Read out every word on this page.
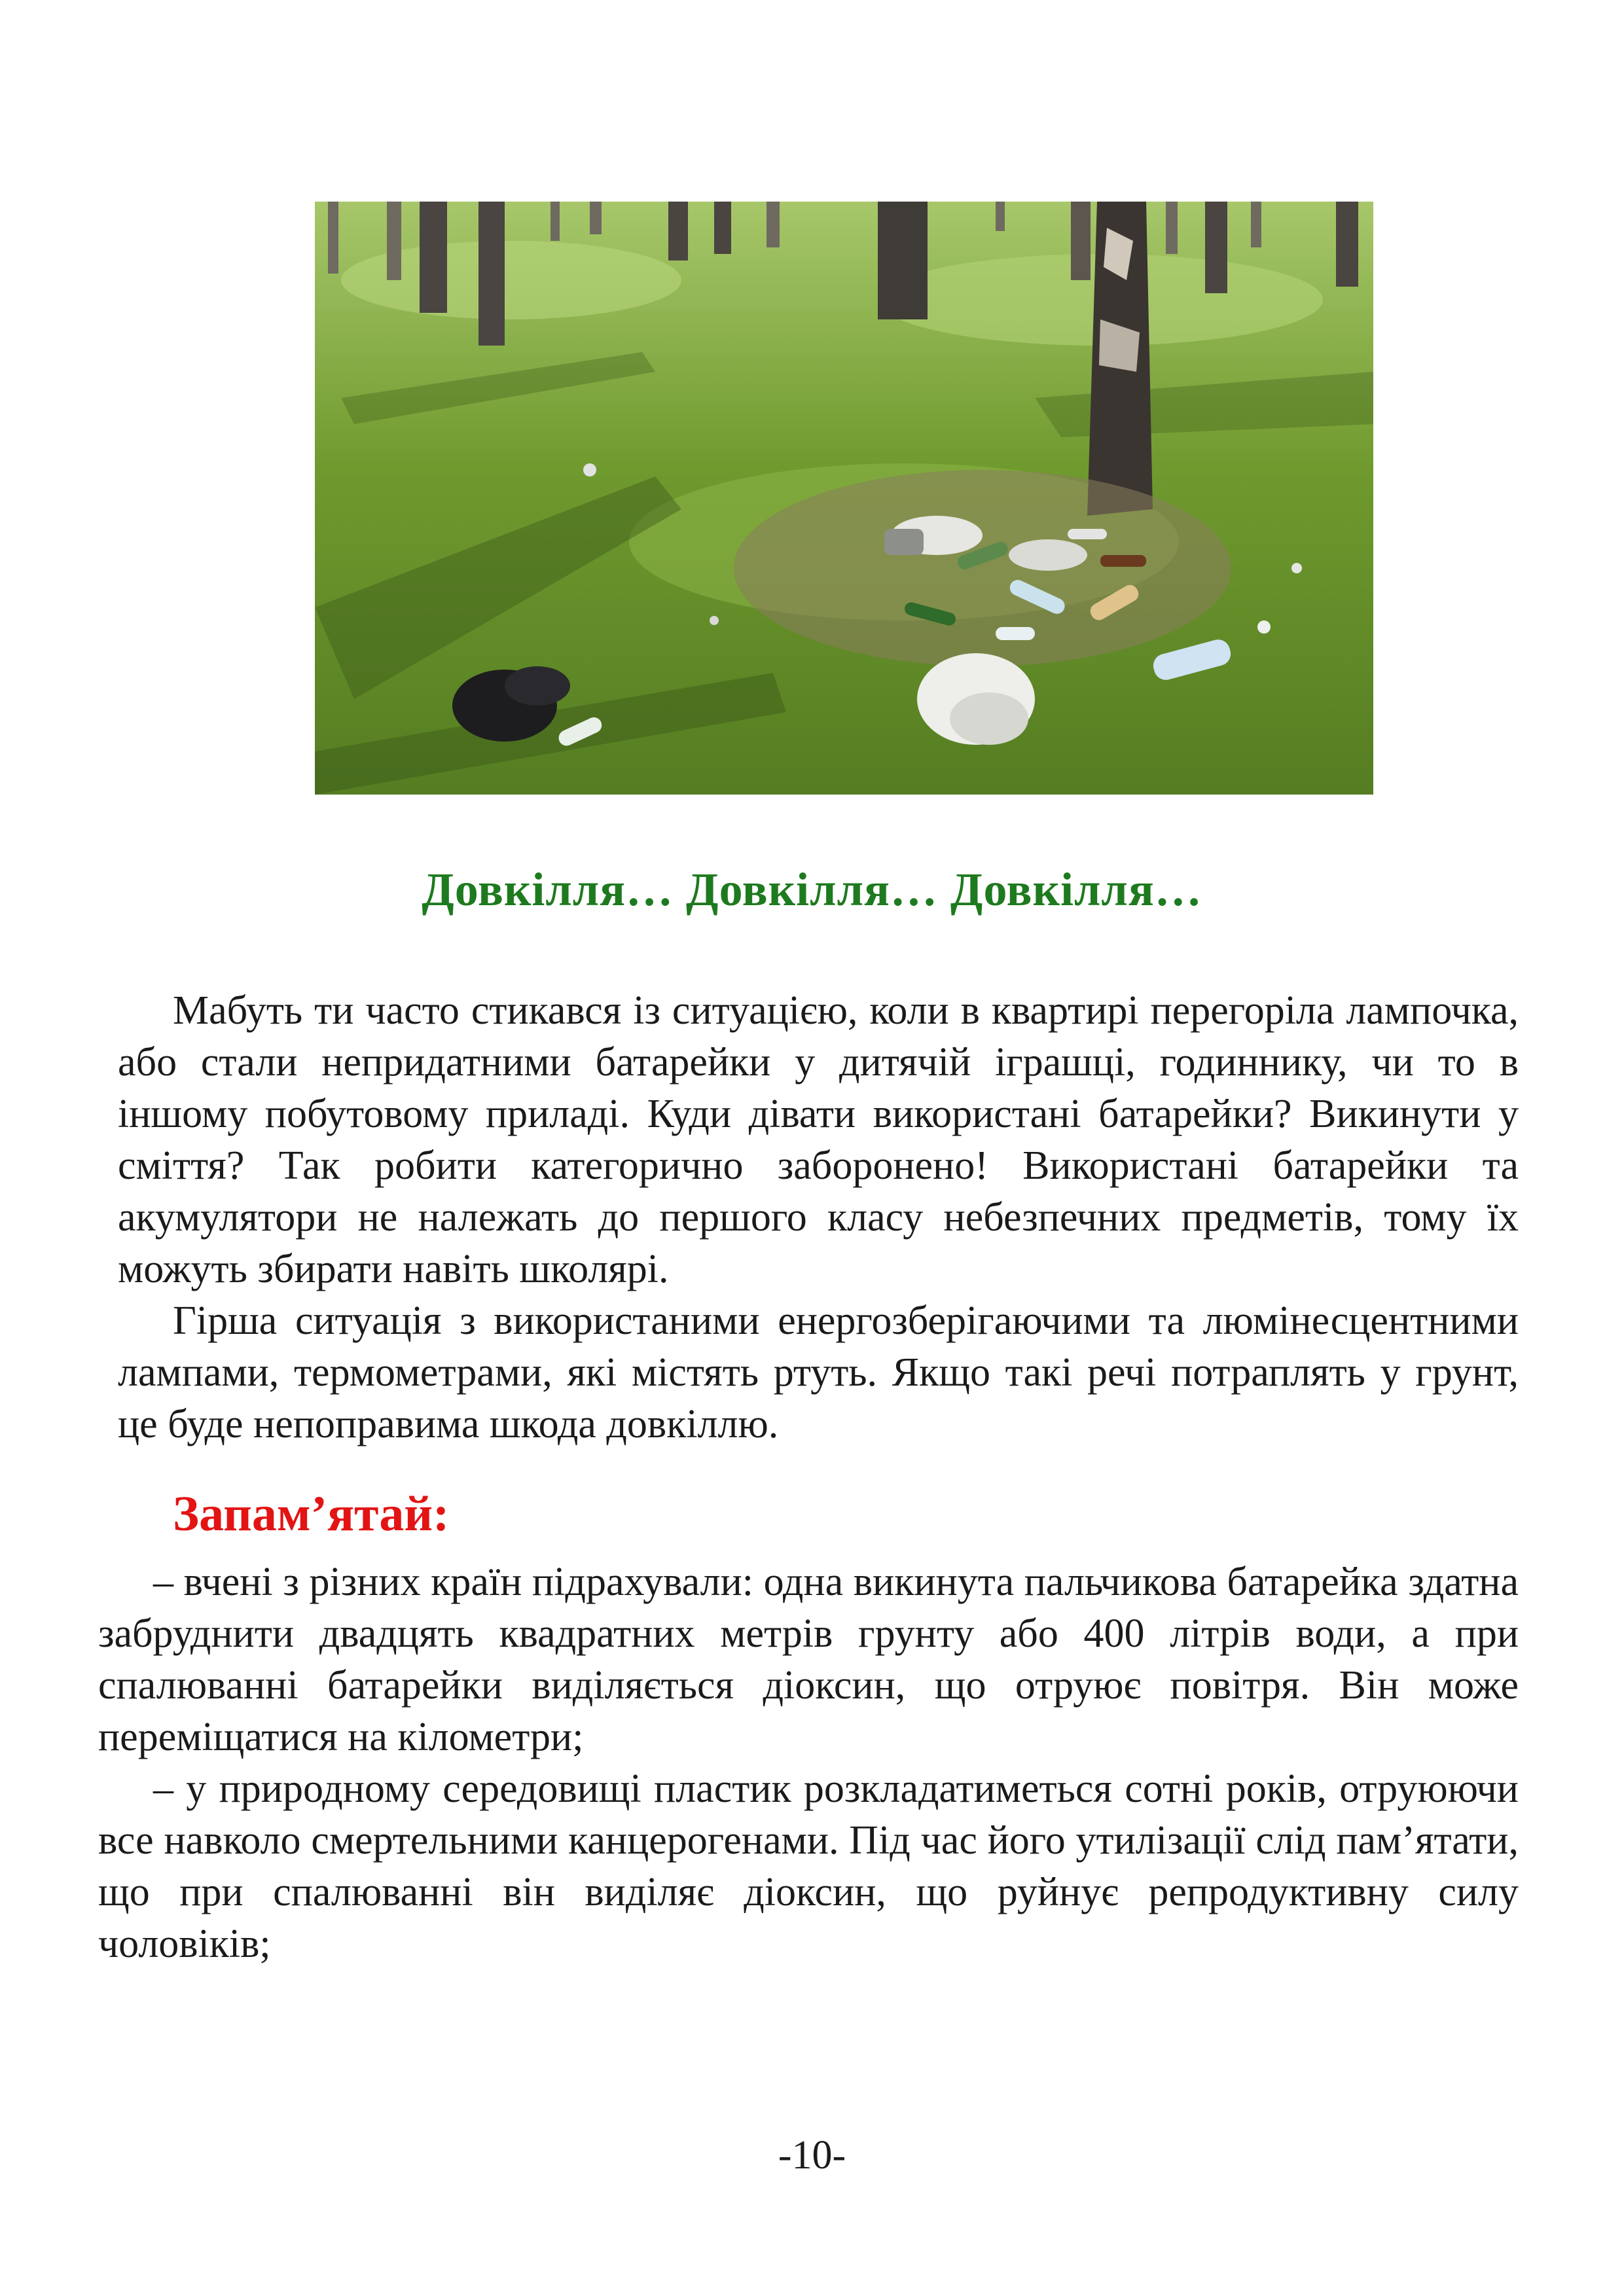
Довкілля… Довкілля… Довкілля…

Мабуть ти часто стикався із ситуацією, коли в квартирі перегоріла лампочка, або стали непридатними батарейки у дитячій іграшці, годиннику, чи то в іншому побутовому приладі. Куди дівати використані батарейки? Викинути у сміття? Так робити категорично заборонено! Використані батарейки та акумулятори не належать до першого класу небезпечних предметів, тому їх можуть збирати навіть школярі.

Гірша ситуація з використаними енергозберігаючими та люмінесцентними лампами, термометрами, які містять ртуть. Якщо такі речі потраплять у грунт, це буде непоправима шкода довкіллю.

Запам’ятай:

– вчені з різних країн підрахували: одна викинута пальчикова батарейка здатна забруднити двадцять квадратних метрів грунту або 400 літрів води, а при спалюванні батарейки виділяється діоксин, що отруює повітря. Він може переміщатися на кілометри;

– у природному середовищі пластик розкладатиметься сотні років, отруюючи все навколо смертельними канцерогенами. Під час його утилізації слід пам’ятати, що при спалюванні він виділяє діоксин, що руйнує репродуктивну силу чоловіків;

-10-
